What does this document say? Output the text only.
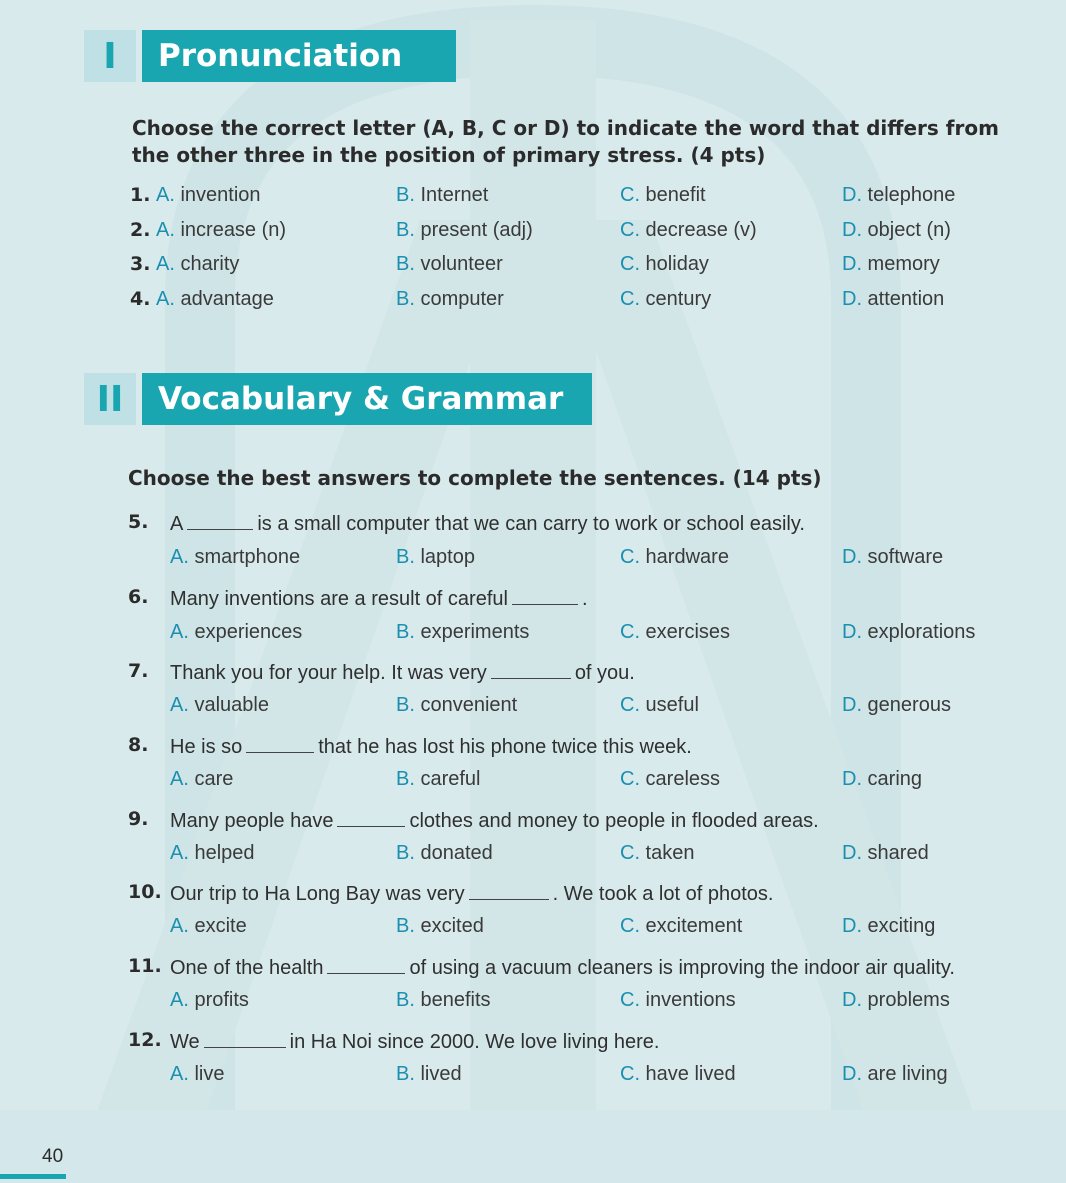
I	Pronunciation
Choose the correct letter (A, B, C or D) to indicate the word that differs from
the other three in the position of primary stress. (4 pts)
1. A. invention	B. Internet	C. benefit	D. telephone
2. A. increase (n)	B. present (adj)	C. decrease (v)	D. object (n)
3. A. charity	B. volunteer	C. holiday	D. memory
4. A. advantage	B. computer	C. century	D. attention
II	Vocabulary & Grammar
Choose the best answers to complete the sentences. (14 pts)
5. A	is a small computer that we can carry to work or school easily.
A. smartphone	B. laptop	C. hardware	D. software
6. Many inventions are a result of careful	.
A. experiences	B. experiments	C. exercises	D. explorations
7. Thank you for your help. It was very	of you.
A. valuable	B. convenient	C. useful	D. generous
8. He is so	that he has lost his phone twice this week.
A. care	B. careful	C. careless	D. caring
9. Many people have	clothes and money to people in flooded areas.
A. helped	B. donated	C. taken	D. shared
10. Our trip to Ha Long Bay was very	. We took a lot of photos.
A. excite	B. excited	C. excitement	D. exciting
11. One of the health	of using a vacuum cleaners is improving the indoor air quality.
A. profits	B. benefits	C. inventions	D. problems
12. We	in Ha Noi since 2000. We love living here.
A. live	B. lived	C. have lived	D. are living
40
